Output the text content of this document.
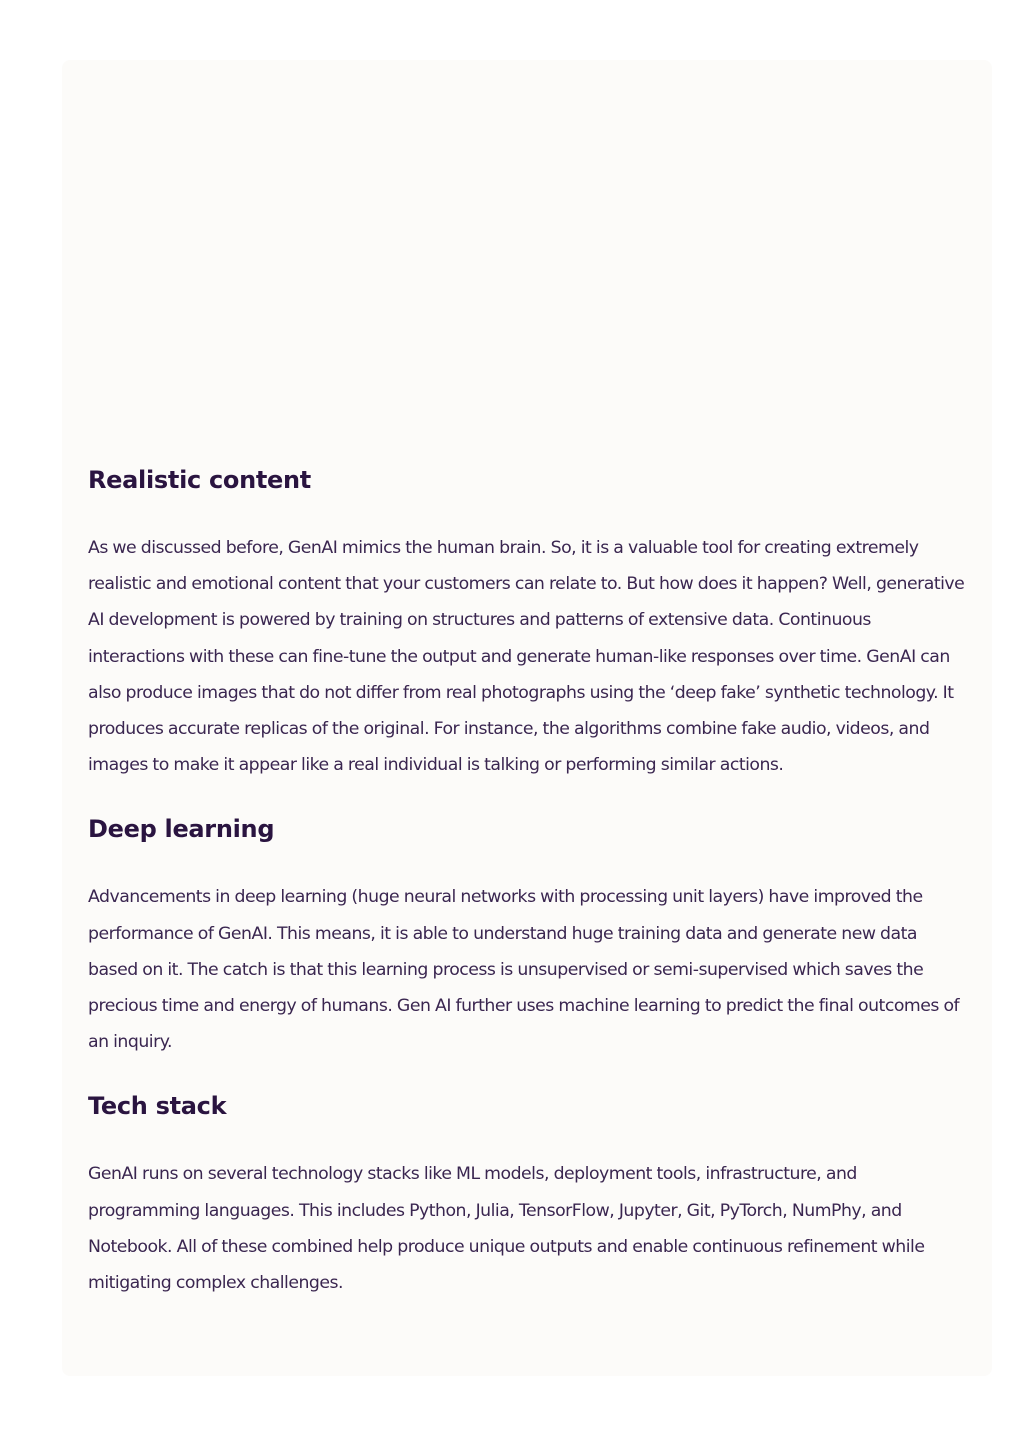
Realistic content

As we discussed before, GenAI mimics the human brain. So, it is a valuable tool for creating extremely realistic and emotional content that your customers can relate to. But how does it happen? Well, generative AI development is powered by training on structures and patterns of extensive data. Continuous interactions with these can fine-tune the output and generate human-like responses over time. GenAI can also produce images that do not differ from real photographs using the ‘deep fake’ synthetic technology. It produces accurate replicas of the original. For instance, the algorithms combine fake audio, videos, and images to make it appear like a real individual is talking or performing similar actions.

Deep learning

Advancements in deep learning (huge neural networks with processing unit layers) have improved the performance of GenAI. This means, it is able to understand huge training data and generate new data based on it. The catch is that this learning process is unsupervised or semi-supervised which saves the precious time and energy of humans. Gen AI further uses machine learning to predict the final outcomes of an inquiry.

Tech stack

GenAI runs on several technology stacks like ML models, deployment tools, infrastructure, and programming languages. This includes Python, Julia, TensorFlow, Jupyter, Git, PyTorch, NumPhy, and Notebook. All of these combined help produce unique outputs and enable continuous refinement while mitigating complex challenges.
